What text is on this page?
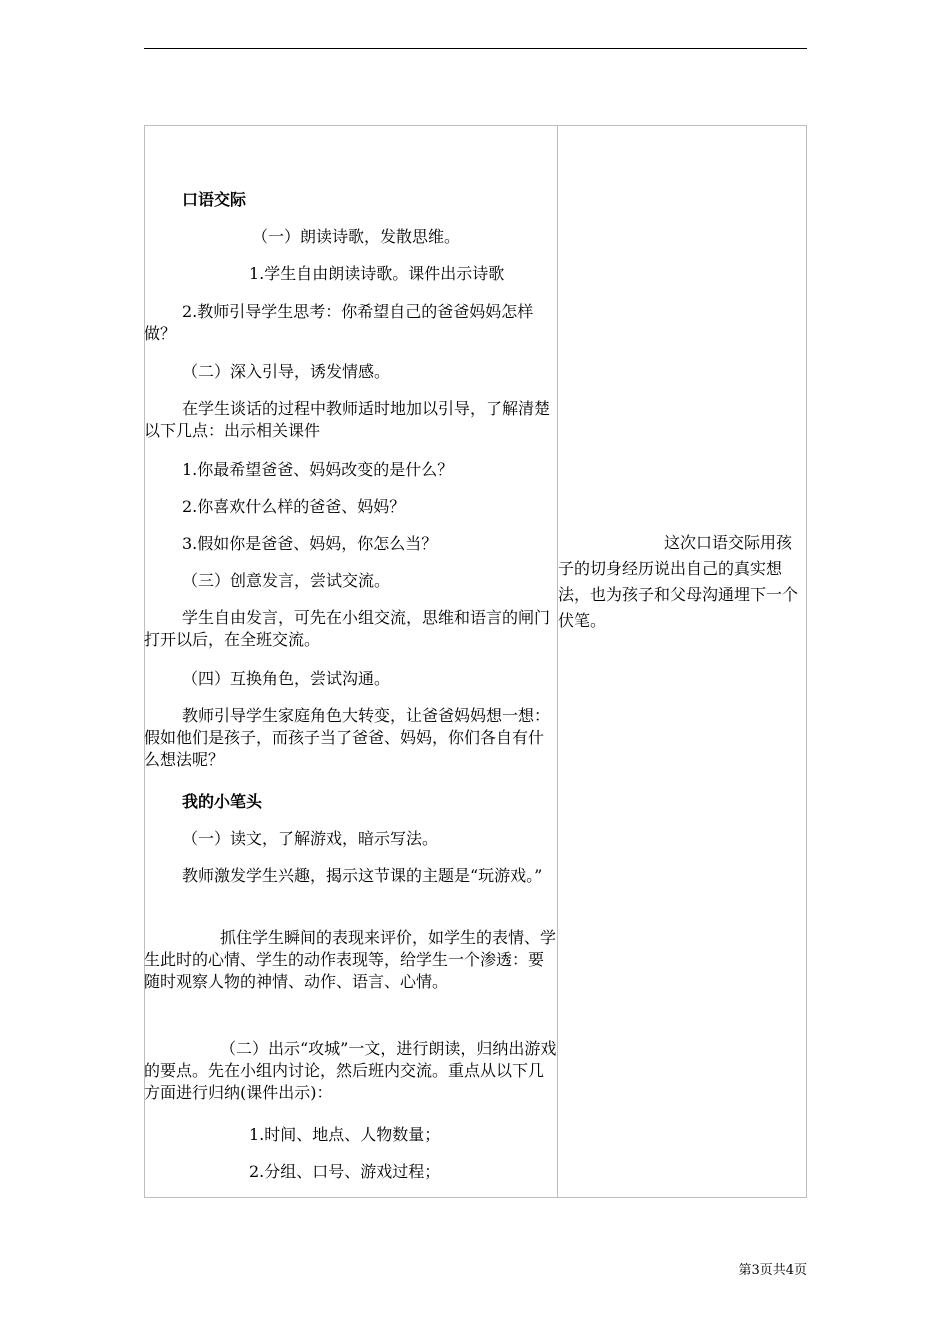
口语交际
（一）朗读诗歌，发散思维。
1.学生自由朗读诗歌。课件出示诗歌
2.教师引导学生思考：你希望自己的爸爸妈妈怎样做？
（二）深入引导，诱发情感。
在学生谈话的过程中教师适时地加以引导，了解清楚以下几点：出示相关课件
1.你最希望爸爸、妈妈改变的是什么？
2.你喜欢什么样的爸爸、妈妈？
3.假如你是爸爸、妈妈，你怎么当？
（三）创意发言，尝试交流。
学生自由发言，可先在小组交流，思维和语言的闸门打开以后，在全班交流。
（四）互换角色，尝试沟通。
教师引导学生家庭角色大转变，让爸爸妈妈想一想：假如他们是孩子，而孩子当了爸爸、妈妈，你们各自有什么想法呢？
我的小笔头
（一）读文，了解游戏，暗示写法。
教师激发学生兴趣，揭示这节课的主题是“玩游戏。”
抓住学生瞬间的表现来评价，如学生的表情、学生此时的心情、学生的动作表现等，给学生一个渗透：要随时观察人物的神情、动作、语言、心情。
（二）出示“攻城”一文，进行朗读，归纳出游戏的要点。先在小组内讨论，然后班内交流。重点从以下几方面进行归纳(课件出示)：
1.时间、地点、人物数量；
2.分组、口号、游戏过程；
这次口语交际用孩子的切身经历说出自己的真实想法，也为孩子和父母沟通埋下一个伏笔。
第3页共4页
